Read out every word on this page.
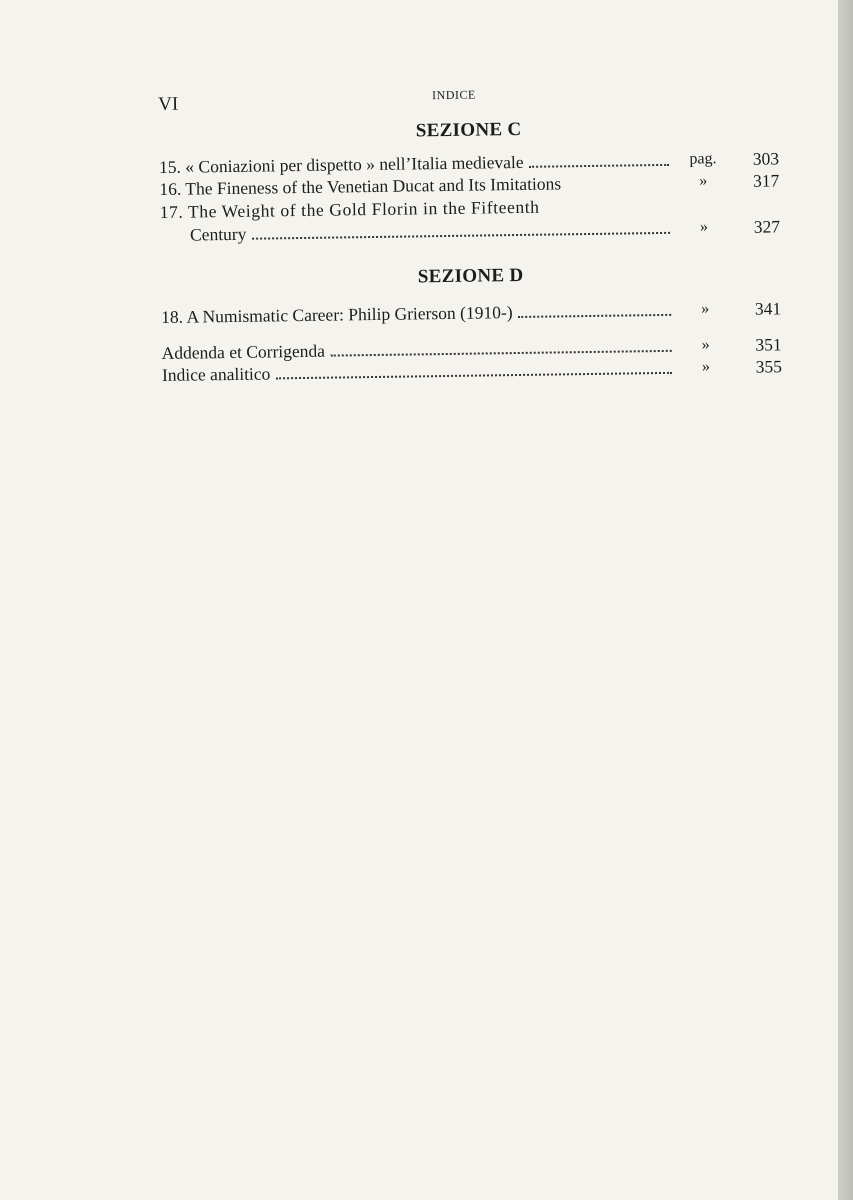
VI	INDICE
SEZIONE C
15. « Coniazioni per dispetto » nell’Italia medievale	pag.	303
16. The Fineness of the Venetian Ducat and Its Imitations	»	317
17. The Weight of the Gold Florin in the Fifteenth
Century	»	327
SEZIONE D
18. A Numismatic Career: Philip Grierson (1910-)	»	341
Addenda et Corrigenda	»	351
Indice analitico	»	355
